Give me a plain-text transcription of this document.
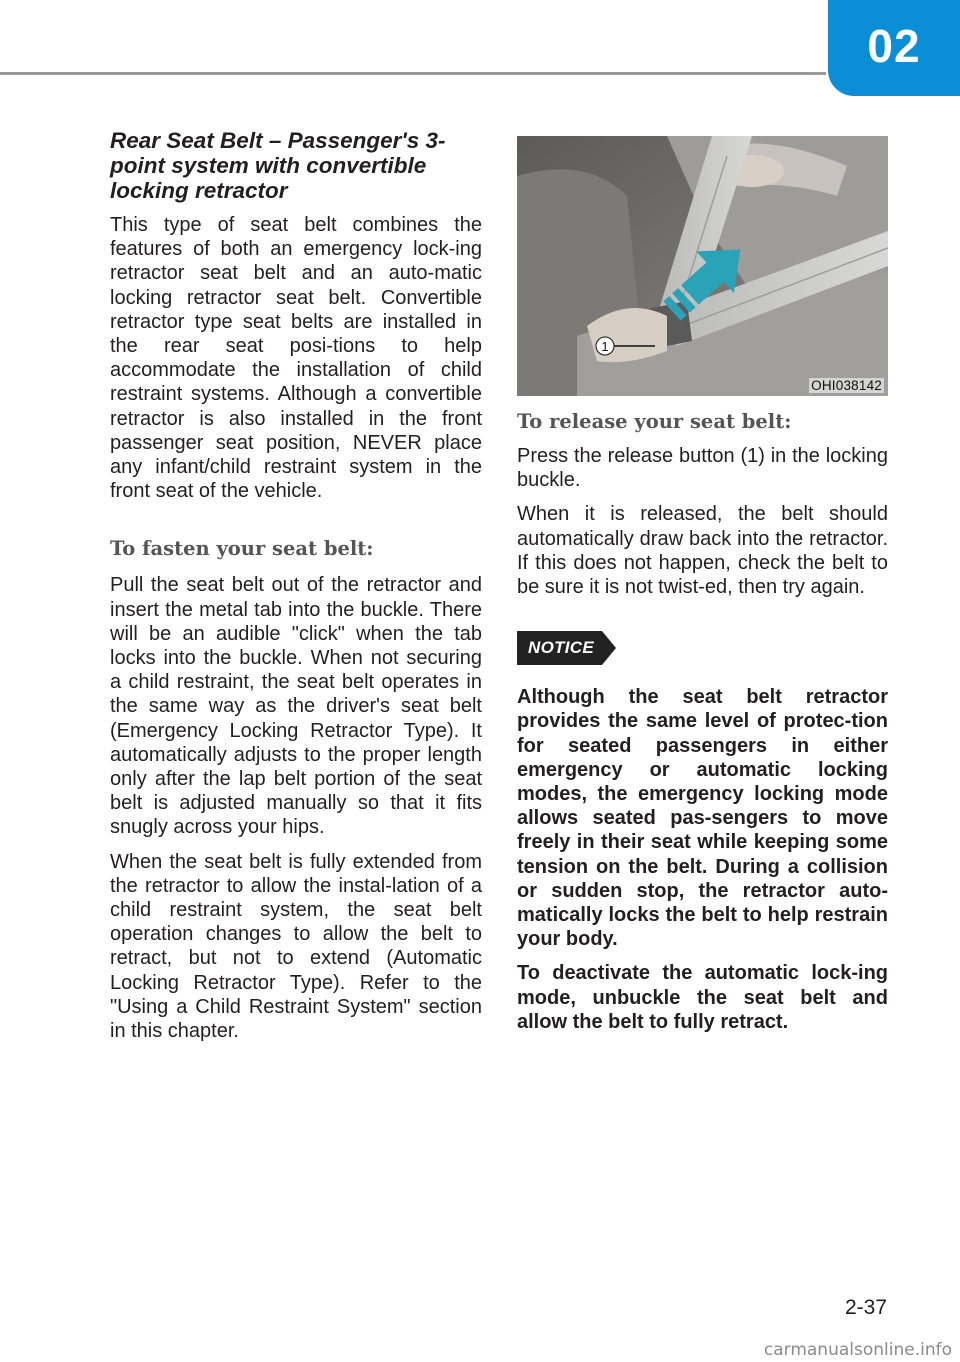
02
Rear Seat Belt – Passenger's 3-point system with convertible locking retractor

This type of seat belt combines the features of both an emergency lock-ing retractor seat belt and an auto-matic locking retractor seat belt. Convertible retractor type seat belts are installed in the rear seat posi-tions to help accommodate the installation of child restraint systems. Although a convertible retractor is also installed in the front passenger seat position, NEVER place any infant/child restraint system in the front seat of the vehicle.

To fasten your seat belt:

Pull the seat belt out of the retractor and insert the metal tab into the buckle. There will be an audible "click" when the tab locks into the buckle. When not securing a child restraint, the seat belt operates in the same way as the driver's seat belt (Emergency Locking Retractor Type). It automatically adjusts to the proper length only after the lap belt portion of the seat belt is adjusted manually so that it fits snugly across your hips.

When the seat belt is fully extended from the retractor to allow the instal-lation of a child restraint system, the seat belt operation changes to allow the belt to retract, but not to extend (Automatic Locking Retractor Type). Refer to the "Using a Child Restraint System" section in this chapter.

1
OHI038142
To release your seat belt:

Press the release button (1) in the locking buckle.

When it is released, the belt should automatically draw back into the retractor. If this does not happen, check the belt to be sure it is not twist-ed, then try again.

NOTICE

Although the seat belt retractor provides the same level of protec-tion for seated passengers in either emergency or automatic locking modes, the emergency locking mode allows seated pas-sengers to move freely in their seat while keeping some tension on the belt. During a collision or sudden stop, the retractor auto-matically locks the belt to help restrain your body.

To deactivate the automatic lock-ing mode, unbuckle the seat belt and allow the belt to fully retract.

2-37
carmanualsonline.info
